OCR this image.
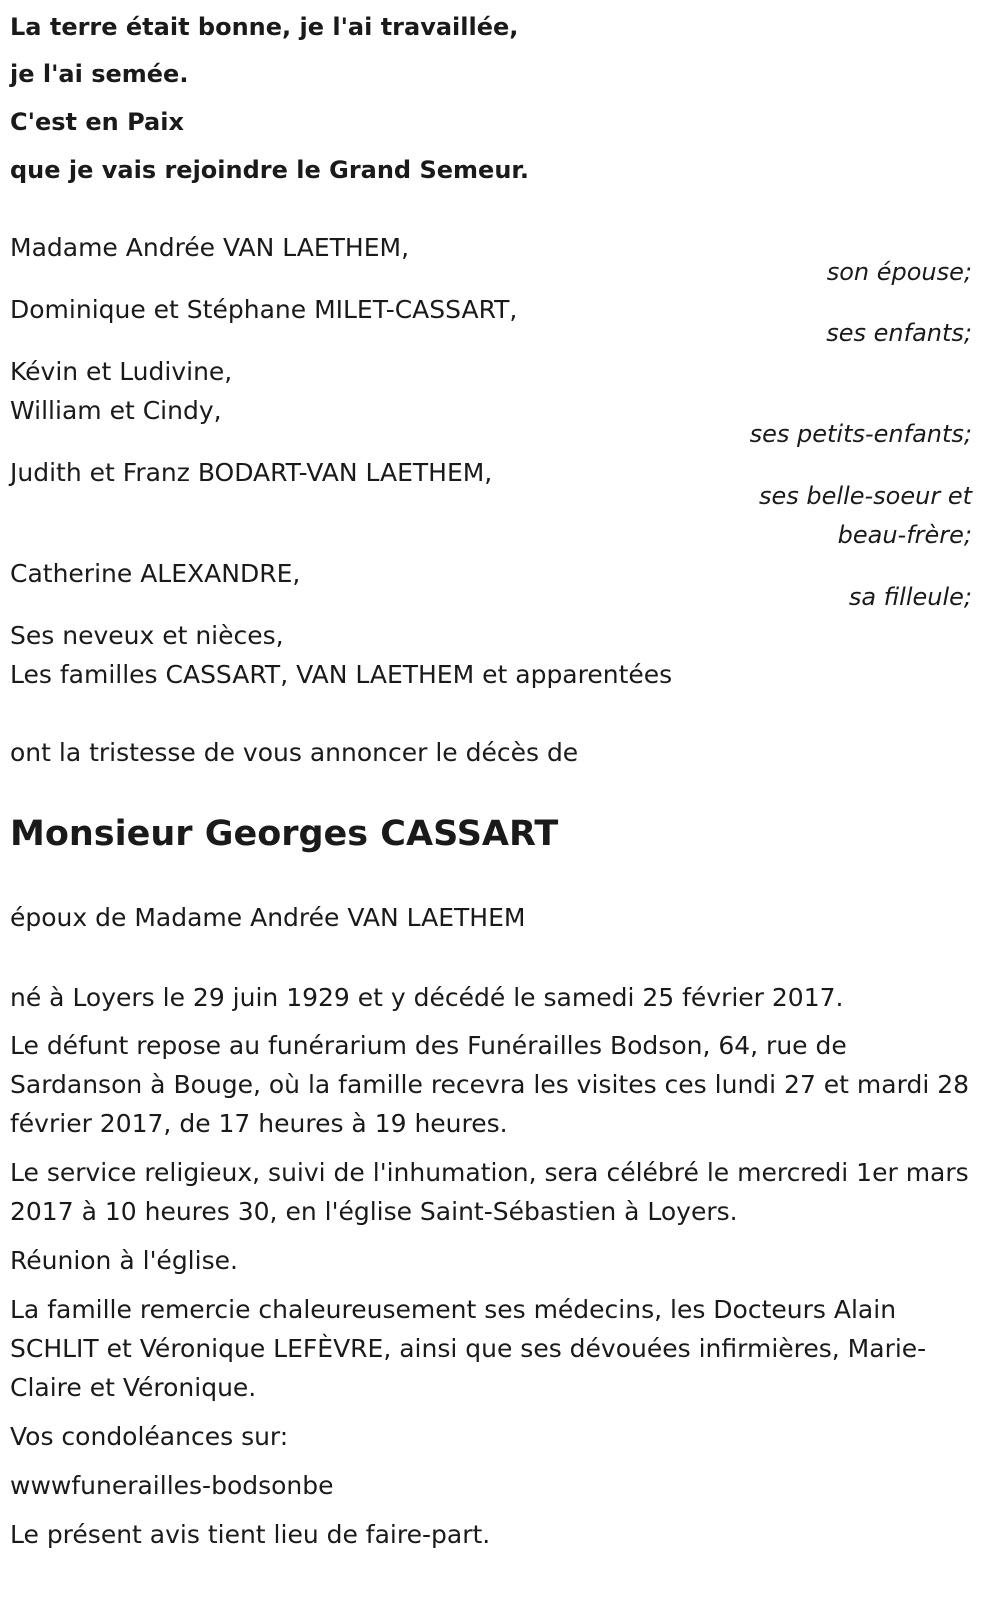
La terre était bonne, je l'ai travaillée,
je l'ai semée.
C'est en Paix
que je vais rejoindre le Grand Semeur.
Madame Andrée VAN LAETHEM,
son épouse;
Dominique et Stéphane MILET-CASSART,
ses enfants;
Kévin et Ludivine,
William et Cindy,
ses petits-enfants;
Judith et Franz BODART-VAN LAETHEM,
ses belle-soeur et
beau-frère;
Catherine ALEXANDRE,
sa filleule;
Ses neveux et nièces,
Les familles CASSART, VAN LAETHEM et apparentées
ont la tristesse de vous annoncer le décès de
Monsieur Georges CASSART
époux de Madame Andrée VAN LAETHEM
né à Loyers le 29 juin 1929 et y décédé le samedi 25 février 2017.
Le défunt repose au funérarium des Funérailles Bodson, 64, rue de Sardanson à Bouge, où la famille recevra les visites ces lundi 27 et mardi 28 février 2017, de 17 heures à 19 heures.
Le service religieux, suivi de l'inhumation, sera célébré le mercredi 1er mars 2017 à 10 heures 30, en l'église Saint-Sébastien à Loyers.
Réunion à l'église.
La famille remercie chaleureusement ses médecins, les Docteurs Alain SCHLIT et Véronique LEFÈVRE, ainsi que ses dévouées infirmières, Marie-Claire et Véronique.
Vos condoléances sur:
wwwfunerailles-bodsonbe
Le présent avis tient lieu de faire-part.
